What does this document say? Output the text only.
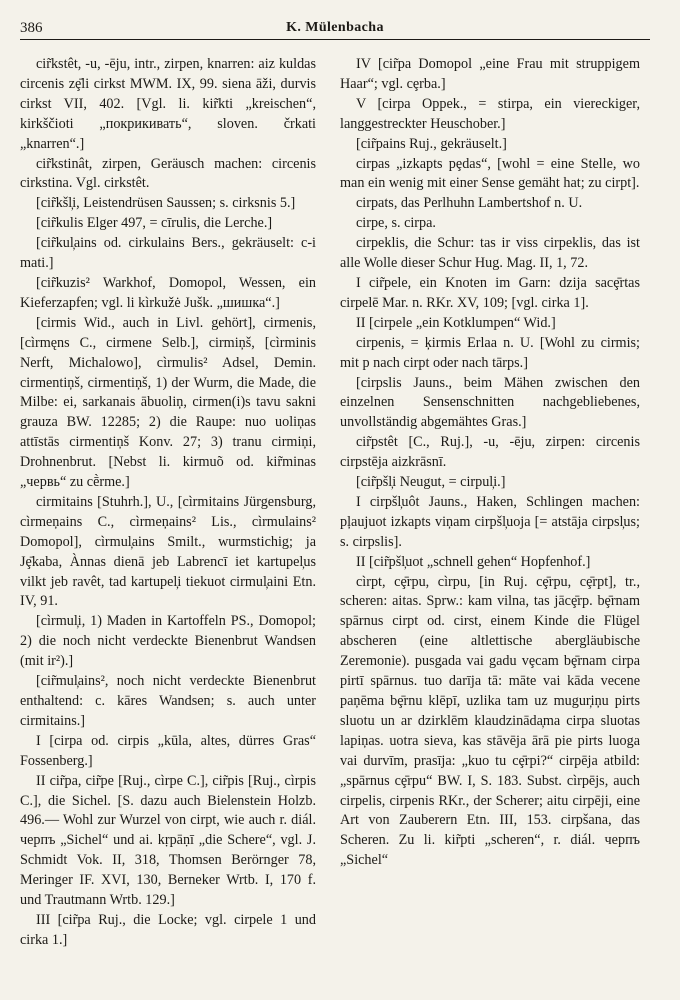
386	K. Mülenbacha

cir̃kstêt, -u, -ēju, intr., zirpen, knarren: aiz kuldas circenis zȩ̄li cirkst MWM. IX, 99. siena āži, durvis cirkst VII, 402. [Vgl. li. kir̃kti „kreischen“, kirkščioti „покрикивать“, sloven. črkati „knarren“.]

cir̃kstinât, zirpen, Geräusch machen: circenis cirkstina. Vgl. cirkstêt.

[cir̃kšl̦i, Leistendrüsen Saussen; s. cirksnis 5.]

[cir̃kulis Elger 497, = cīrulis, die Lerche.]

[cir̃kul̦ains od. cirkulains Bers., gekräuselt: c-i mati.]

[cir̃kuzis² Warkhof, Domopol, Wessen, ein Kieferzapfen; vgl. li kìrkužė Jušk. „шишка“.]

[cirmis Wid., auch in Livl. gehört], cirmenis, [cìrmęns C., cirmene Selb.], cirmiņš, [cìrminis Nerft, Michalowo], cìrmulis² Adsel, Demin. cirmentiņš, cirmentiņš, 1) der Wurm, die Made, die Milbe: ei, sarkanais ābuoliņ, cirmen(i)s tavu sakni grauza BW. 12285; 2) die Raupe: nuo uoliņas attīstās cirmentiņš Konv. 27; 3) tranu cirmiņi, Drohnenbrut. [Nebst li. kirmuõ od. kir̃minas „червь“ zu cḕrme.]

cirmitains [Stuhrh.], U., [cìrmitains Jürgensburg, cìrmeņains C., cìrmeņains² Lis., cìrmulains² Domopol], cìrmul̦ains Smilt., wurmstichig; ja Jȩ̄kaba, Ànnas dienā jeb Labrencī iet kartupel̦us vilkt jeb ravêt, tad kartupel̦i tiekuot cirmul̦aini Etn. IV, 91.

[cìrmul̦i, 1) Maden in Kartoffeln PS., Domopol; 2) die noch nicht verdeckte Bienenbrut Wandsen (mit ir²).]

[cir̃mul̦ains², noch nicht verdeckte Bienenbrut enthaltend: c. kāres Wandsen; s. auch unter cirmitains.]

I [cirpa od. cirpis „kūla, altes, dürres Gras“ Fossenberg.]

II cir̃pa, cir̃pe [Ruj., cìrpe C.], cir̃pis [Ruj., cìrpis C.], die Sichel. [S. dazu auch Bielenstein Holzb. 496.— Wohl zur Wurzel von cirpt, wie auch r. diál. черпъ „Sichel“ und ai. kṛpāṇī „die Schere“, vgl. J. Schmidt Vok. II, 318, Thomsen Berörnger 78, Meringer IF. XVI, 130, Berneker Wrtb. I, 170 f. und Trautmann Wrtb. 129.]

III [cir̃pa Ruj., die Locke; vgl. cirpele 1 und cirka 1.]

IV [cir̃pa Domopol „eine Frau mit struppigem Haar“; vgl. cȩrba.]

V [cirpa Oppek., = stirpa, ein viereckiger, langgestreckter Heuschober.]

[cir̃pains Ruj., gekräuselt.]

cirpas „izkapts pȩdas“, [wohl = eine Stelle, wo man ein wenig mit einer Sense gemäht hat; zu cirpt].

cirpats, das Perlhuhn Lambertshof n. U.

cirpe, s. cirpa.

cirpeklis, die Schur: tas ir viss cirpeklis, das ist alle Wolle dieser Schur Hug. Mag. II, 1, 72.

I cir̃pele, ein Knoten im Garn: dzija sacȩ̄rtas cirpelē Mar. n. RKr. XV, 109; [vgl. cirka 1].

II [cirpele „ein Kotklumpen“ Wid.]

cirpenis, = ķirmis Erlaa n. U. [Wohl zu cirmis; mit p nach cirpt oder nach tārps.]

[cirpslis Jauns., beim Mähen zwischen den einzelnen Sensenschnitten nachgebliebenes, unvollständig abgemähtes Gras.]

cir̃pstêt [C., Ruj.], -u, -ēju, zirpen: circenis cirpstēja aizkrāsnī.

[cir̃pšl̦i Neugut, = cirpul̦i.]

I cirpšl̦uôt Jauns., Haken, Schlingen machen: pļaujuot izkapts viņam cirpšl̦uoja [= atstāja cirpsl̦us; s. cirpslis].

II [cir̃pšl̦uot „schnell gehen“ Hopfenhof.]

cìrpt, cȩ̄rpu, cìrpu, [in Ruj. cȩ̄rpu, cȩ̄rpt], tr., scheren: aitas. Sprw.: kam vilna, tas jācȩ̄rp. bȩ̄rnam spārnus cirpt od. cirst, einem Kinde die Flügel abscheren (eine altlettische abergläubische Zeremonie). pusgada vai gadu vȩcam bȩ̄rnam cirpa pirtī spārnus. tuo darīja tā: māte vai kāda vecene paņēma bȩ̄rnu klēpī, uzlika tam uz mugur̦iņu pirts sluotu un ar dzirklēm klaudzināda̦ma cirpa sluotas lapiņas. uotra sieva, kas stāvēja ārā pie pirts luoga vai durvīm, prasīja: „kuo tu cȩ̄rpi?“ cirpēja atbild: „spārnus cȩ̄rpu“ BW. I, S. 183. Subst. cìrpējs, auch cirpelis, cirpenis RKr., der Scherer; aitu cirpēji, eine Art von Zauberern Etn. III, 153. cirpšana, das Scheren. Zu li. kir̃pti „scheren“, r. diál. черпъ „Sichel“
